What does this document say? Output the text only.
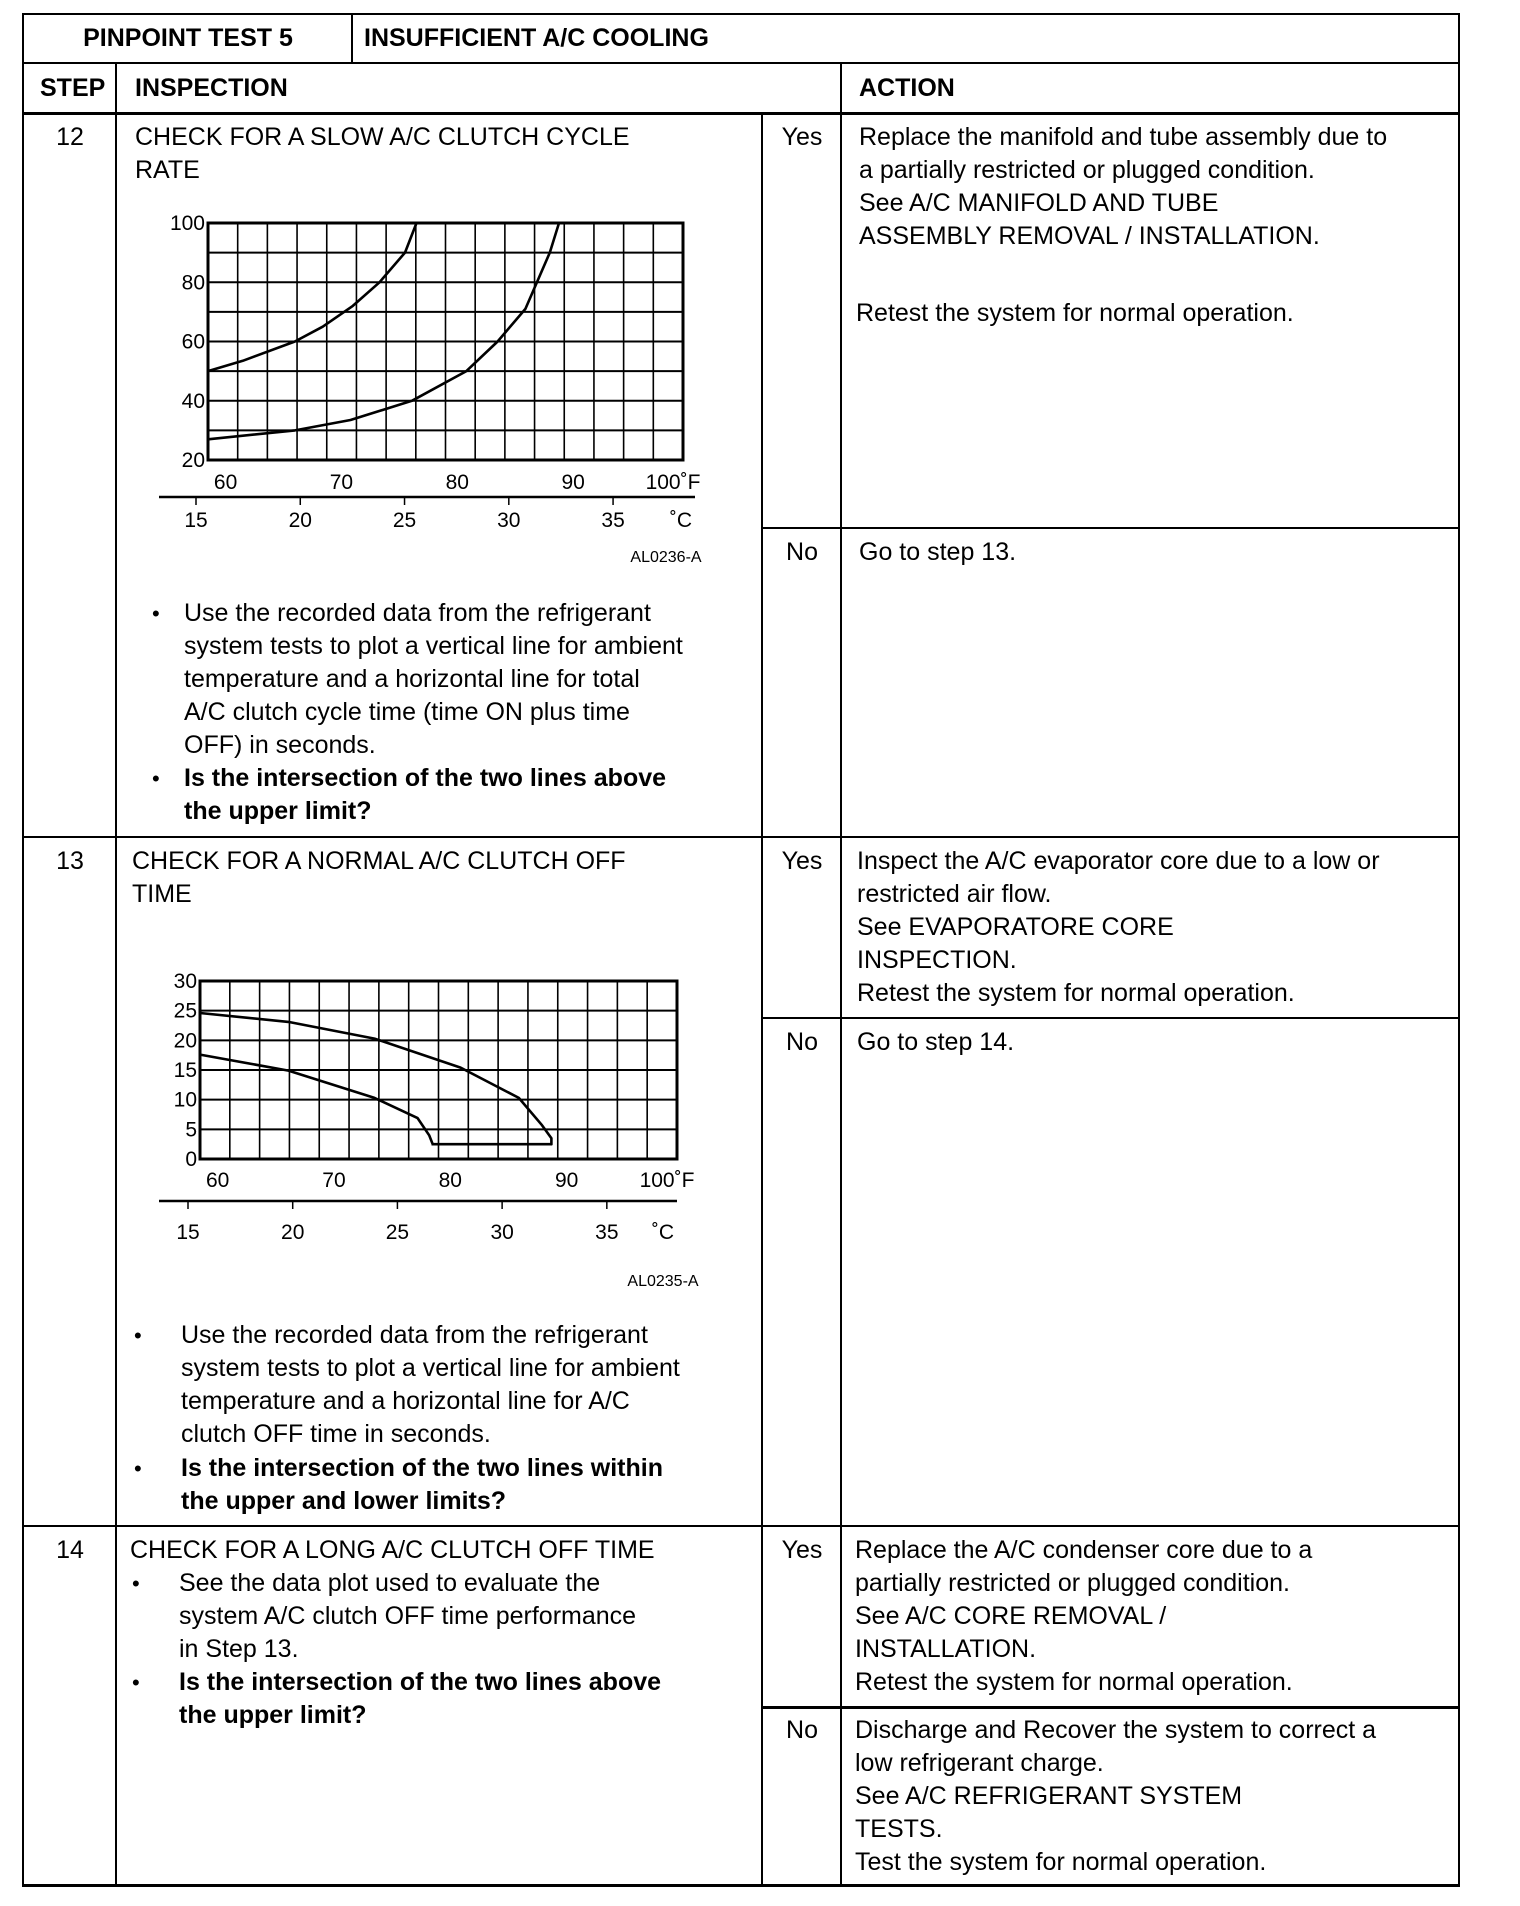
PINPOINT TEST 5	INSUFFICIENT A/C COOLING
STEP INSPECTION	ACTION
12	CHECK FOR A SLOW A/C CLUTCH CYCLE
RATE
• Use the recorded data from the refrigerant
system tests to plot a vertical line for ambient
temperature and a horizontal line for total
A/C clutch cycle time (time ON plus time
OFF) in seconds.
• Is the intersection of the two lines above
the upper limit?
Yes	Replace the manifold and tube assembly due to
a partially restricted or plugged condition.
See A/C MANIFOLD AND TUBE
ASSEMBLY REMOVAL / INSTALLATION.
Retest the system for normal operation.
No	Go to step 13.
13	CHECK FOR A NORMAL A/C CLUTCH OFF
TIME
• Use the recorded data from the refrigerant
system tests to plot a vertical line for ambient
temperature and a horizontal line for A/C
clutch OFF time in seconds.
• Is the intersection of the two lines within
the upper and lower limits?
Yes	Inspect the A/C evaporator core due to a low or
restricted air flow.
See EVAPORATORE CORE
INSPECTION.
Retest the system for normal operation.
No	Go to step 14.
14	CHECK FOR A LONG A/C CLUTCH OFF TIME
• See the data plot used to evaluate the
system A/C clutch OFF time performance
in Step 13.
• Is the intersection of the two lines above
the upper limit?
Yes	Replace the A/C condenser core due to a
partially restricted or plugged condition.
See A/C CORE REMOVAL /
INSTALLATION.
Retest the system for normal operation.
No	Discharge and Recover the system to correct a
low refrigerant charge.
See A/C REFRIGERANT SYSTEM
TESTS.
Test the system for normal operation.
20
40
60
80
100
60	70	80	90	100˚F
15	20	25	30	35 ˚C
AL0236-A
0
5
10
15
20
25
30
60	70	80	90	100˚F
15	20	25	30	35 ˚C
AL0235-A
